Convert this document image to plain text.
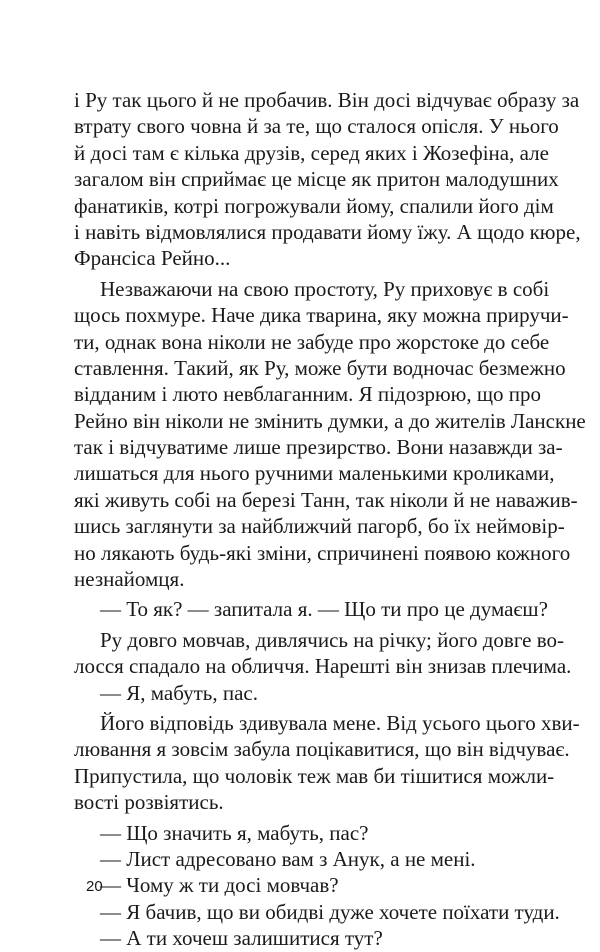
і Ру так цього й не пробачив. Він досі відчуває образу за
втрату свого човна й за те, що сталося опісля. У нього
й досі там є кілька друзів, серед яких і Жозефіна, але
загалом він сприймає це місце як притон малодушних
фанатиків, котрі погрожували йому, спалили його дім
і навіть відмовлялися продавати йому їжу. А щодо кюре,
Франсіса Рейно...
Незважаючи на свою простоту, Ру приховує в собі
щось похмуре. Наче дика тварина, яку можна приручи-
ти, однак вона ніколи не забуде про жорстоке до себе
ставлення. Такий, як Ру, може бути водночас безмежно
відданим і люто невблаганним. Я підозрюю, що про
Рейно він ніколи не змінить думки, а до жителів Ланскне
так і відчуватиме лише презирство. Вони назавжди за-
лишаться для нього ручними маленькими кроликами,
які живуть собі на березі Танн, так ніколи й не наважив-
шись заглянути за найближчий пагорб, бо їх неймовір-
но лякають будь-які зміни, спричинені появою кожного
незнайомця.
— То як? — запитала я. — Що ти про це думаєш?
Ру довго мовчав, дивлячись на річку; його довге во-
лосся спадало на обличчя. Нарешті він знизав плечима.
— Я, мабуть, пас.
Його відповідь здивувала мене. Від усього цього хви-
лювання я зовсім забула поцікавитися, що він відчуває.
Припустила, що чоловік теж мав би тішитися можли-
вості розвіятись.
— Що значить я, мабуть, пас?
— Лист адресовано вам з Анук, а не мені.
— Чому ж ти досі мовчав?
— Я бачив, що ви обидві дуже хочете поїхати туди.
— А ти хочеш залишитися тут?
20
